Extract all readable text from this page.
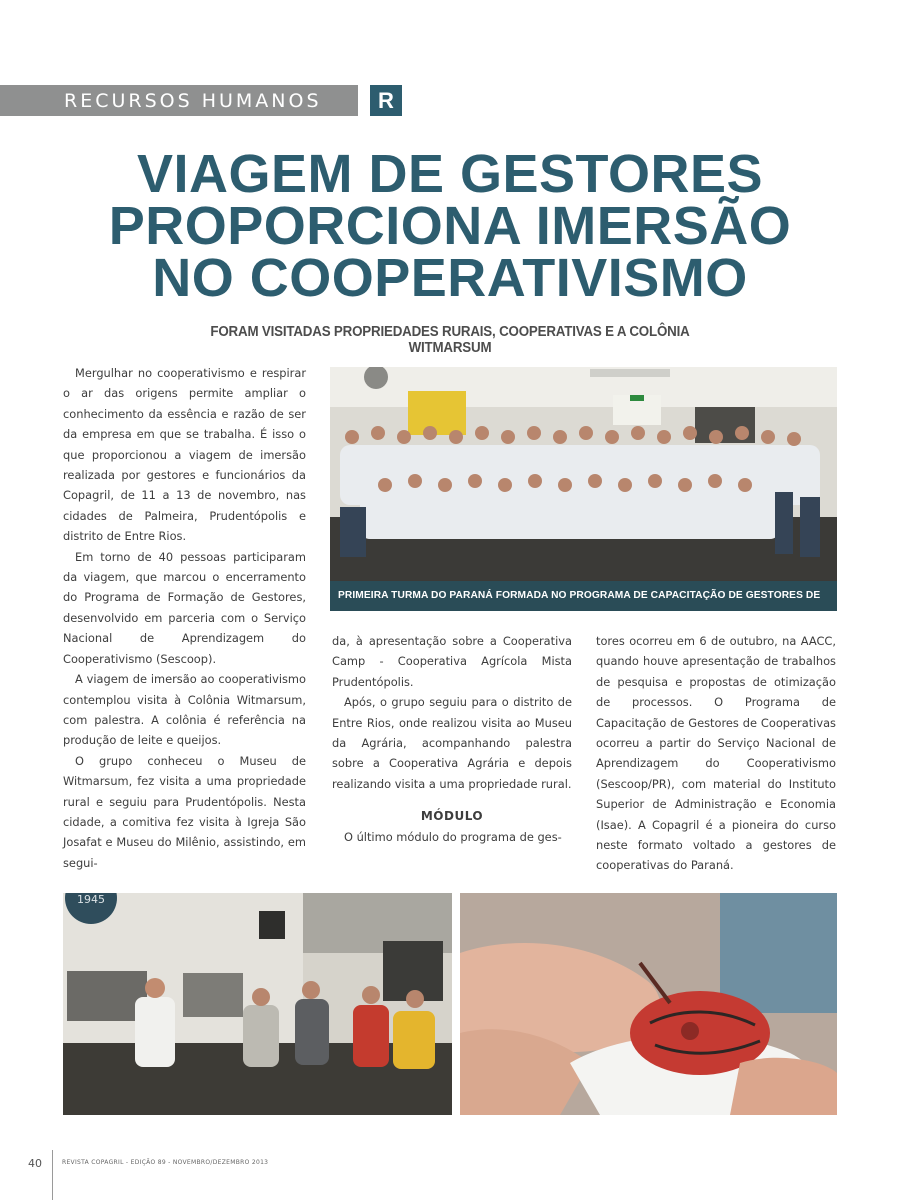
RECURSOS HUMANOS	R
VIAGEM DE GESTORES
PROPORCIONA IMERSÃO
NO COOPERATIVISMO
FORAM VISITADAS PROPRIEDADES RURAIS, COOPERATIVAS E A COLÔNIA WITMARSUM

Mergulhar no cooperativismo e respirar o ar das origens permite ampliar o conhecimento da essência e razão de ser da empresa em que se trabalha. É isso o que proporcionou a viagem de imersão realizada por gestores e funcionários da Copagril, de 11 a 13 de novembro, nas cidades de Palmeira, Prudentópolis e distrito de Entre Rios.

Em torno de 40 pessoas participaram da viagem, que marcou o encerramento do Programa de Formação de Gestores, desenvolvido em parceria com o Serviço Nacional de Aprendizagem do Cooperativismo (Sescoop).

A viagem de imersão ao cooperativismo contemplou visita à Colônia Witmarsum, com palestra. A colônia é referência na produção de leite e queijos.

O grupo conheceu o Museu de Witmarsum, fez visita a uma propriedade rural e seguiu para Prudentópolis. Nesta cidade, a comitiva fez visita à Igreja São Josafat e Museu do Milênio, assistindo, em segui-

PRIMEIRA TURMA DO PARANÁ FORMADA NO PROGRAMA DE CAPACITAÇÃO DE GESTORES DE COOPERATIVAS

da, à apresentação sobre a Cooperativa Camp - Cooperativa Agrícola Mista Prudentópolis.

Após, o grupo seguiu para o distrito de Entre Rios, onde realizou visita ao Museu da Agrária, acompanhando palestra sobre a Cooperativa Agrária e depois realizando visita a uma propriedade rural.

MÓDULO

O último módulo do programa de ges-

tores ocorreu em 6 de outubro, na AACC, quando houve apresentação de trabalhos de pesquisa e propostas de otimização de processos. O Programa de Capacitação de Gestores de Cooperativas ocorreu a partir do Serviço Nacional de Aprendizagem do Cooperativismo (Sescoop/PR), com material do Instituto Superior de Administração e Economia (Isae). A Copagril é a pioneira do curso neste formato voltado a gestores de cooperativas do Paraná.

1945
40	REVISTA COPAGRIL - EDIÇÃO 89 - NOVEMBRO/DEZEMBRO 2013
